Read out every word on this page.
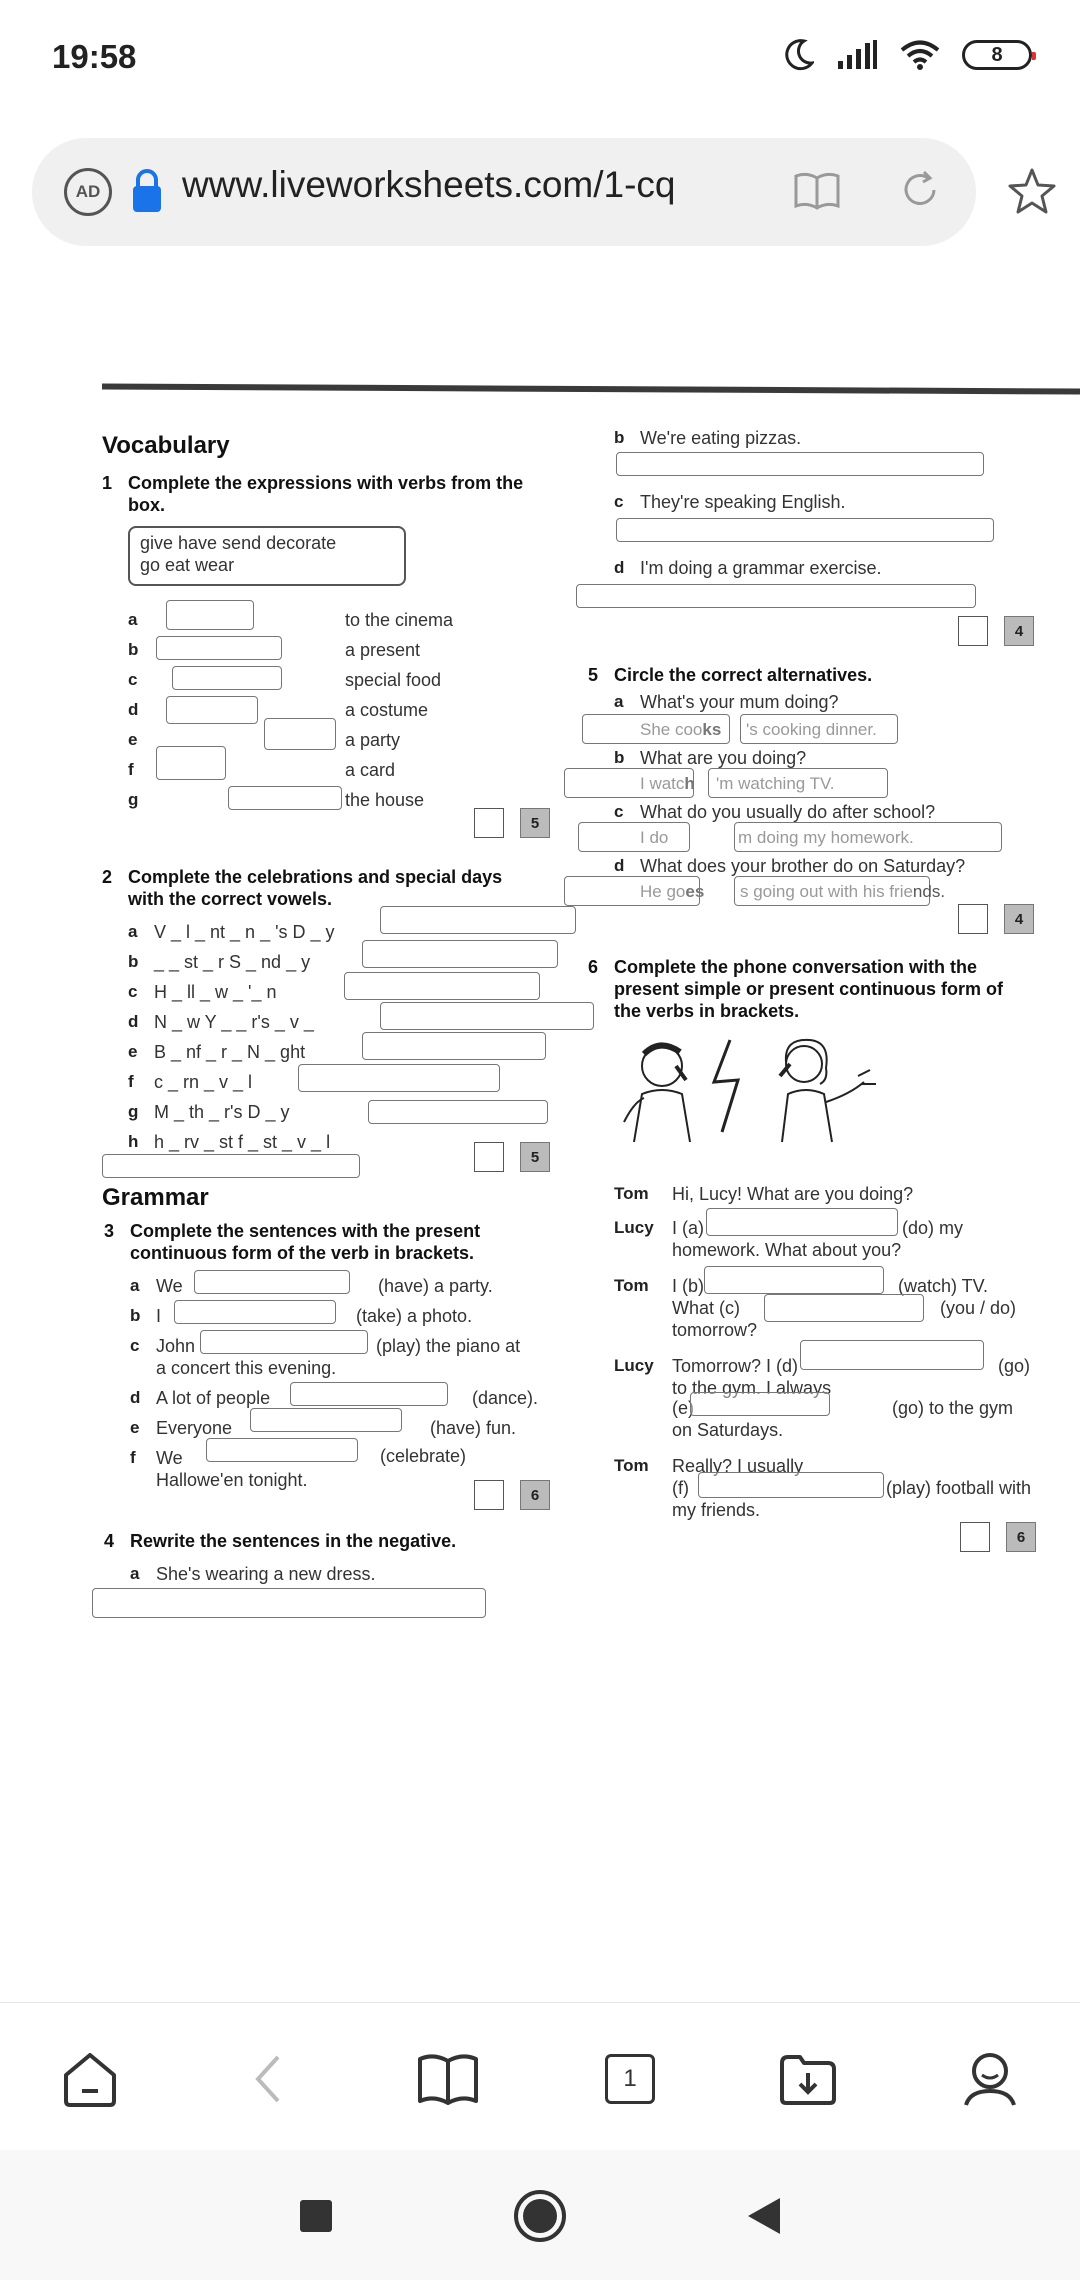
19:58	8
AD	www.liveworksheets.com/1-cq
Vocabulary
1 Complete the expressions with verbs from the box.
give have send decorate
go eat wear
a	to the cinema
b	a present
c	special food
d	a costume
e	a party
f	a card
g	the house
5
2 Complete the celebrations and special days with the correct vowels.
a V _ l _ nt _ n _ 's D _ y
b _ _ st _ r S _ nd _ y
c H _ ll _ w _ '_ n
d N _ w Y _ _ r's _ v _
e B _ nf _ r _ N _ ght
f c _ rn _ v _ l
g M _ th _ r's D _ y
h h _ rv _ st f _ st _ v _ l
5
Grammar
3 Complete the sentences with the present continuous form of the verb in brackets.
a We	(have) a party.
b I	(take) a photo.
c John	(play) the piano at
a concert this evening.
d A lot of people	(dance).
e Everyone	(have) fun.
f We	(celebrate)
Hallowe'en tonight.
6
4 Rewrite the sentences in the negative.
a She's wearing a new dress.
b We're eating pizzas.
c They're speaking English.
d I'm doing a grammar exercise.
4
5 Circle the correct alternatives.
a What's your mum doing?
She cooks 's cooking dinner.
b What are you doing?
I watch 'm watching TV.
c What do you usually do after school?
I do	m doing my homework.
d What does your brother do on Saturday?
He goes s going out with his friends.
4
6 Complete the phone conversation with the present simple or present continuous form of the verbs in brackets.
Tom Hi, Lucy! What are you doing?
Lucy I (a)	(do) my
homework. What about you?
Tom I (b)	(watch) TV.
What (c)	(you / do)
tomorrow?
Lucy Tomorrow? I (d)	(go)
to the gym. I always
(e)	(go) to the gym
on Saturdays.
Tom Really? I usually
(f)	(play) football with
my friends.
6
1
